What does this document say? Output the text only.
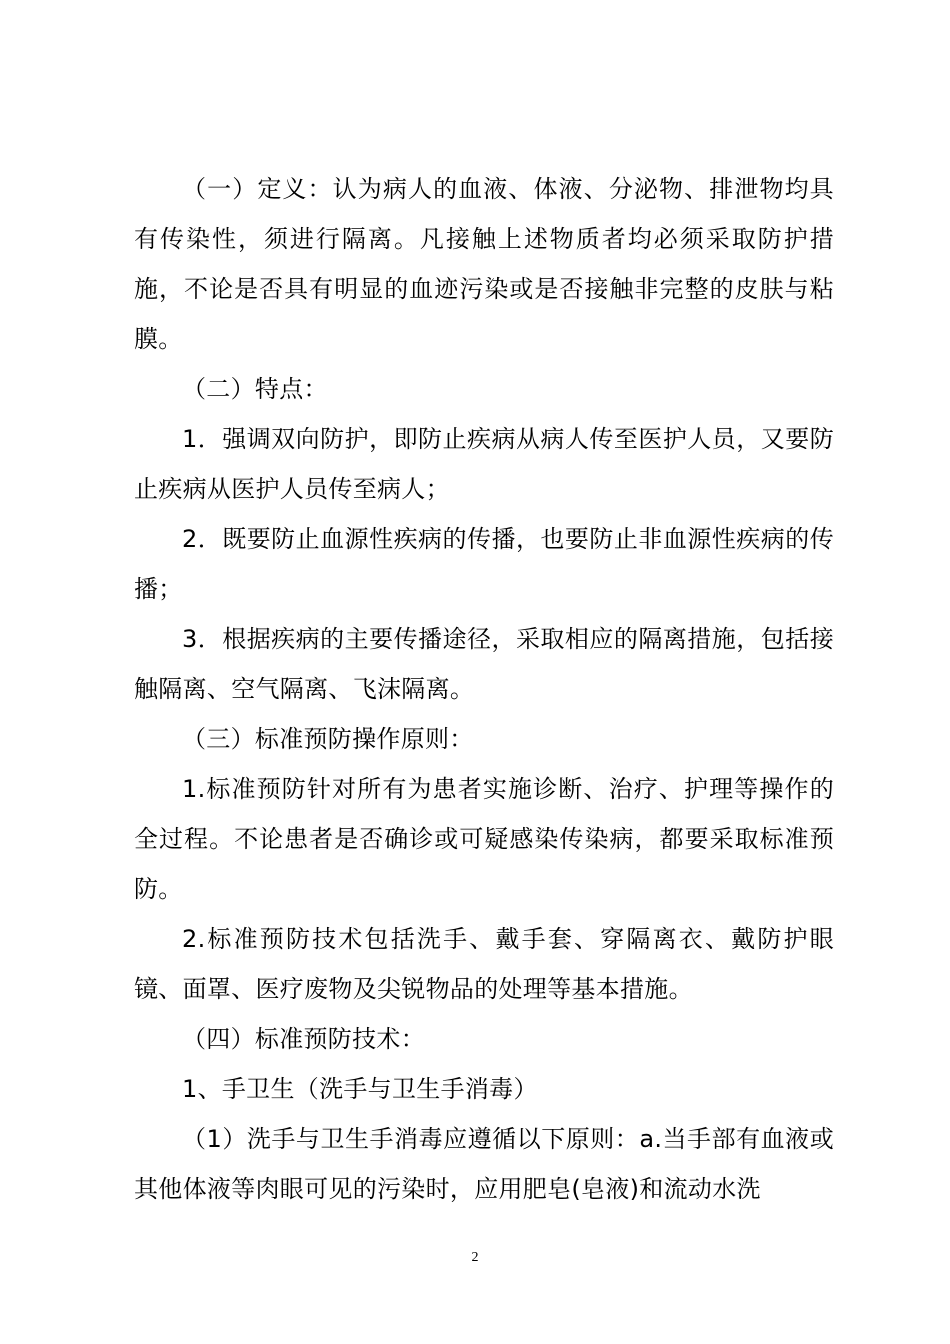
（一）定义：认为病人的血液、体液、分泌物、排泄物均具有传染性，须进行隔离。凡接触上述物质者均必须采取防护措施，不论是否具有明显的血迹污染或是否接触非完整的皮肤与粘膜。

（二）特点：

1．强调双向防护，即防止疾病从病人传至医护人员，又要防止疾病从医护人员传至病人；

2．既要防止血源性疾病的传播，也要防止非血源性疾病的传播；

3．根据疾病的主要传播途径，采取相应的隔离措施，包括接触隔离、空气隔离、飞沫隔离。

（三）标准预防操作原则：

1.标准预防针对所有为患者实施诊断、治疗、护理等操作的全过程。不论患者是否确诊或可疑感染传染病，都要采取标准预防。

2.标准预防技术包括洗手、戴手套、穿隔离衣、戴防护眼镜、面罩、医疗废物及尖锐物品的处理等基本措施。

（四）标准预防技术：

1、手卫生（洗手与卫生手消毒）

（1）洗手与卫生手消毒应遵循以下原则：a.当手部有血液或其他体液等肉眼可见的污染时，应用肥皂(皂液)和流动水洗

2
